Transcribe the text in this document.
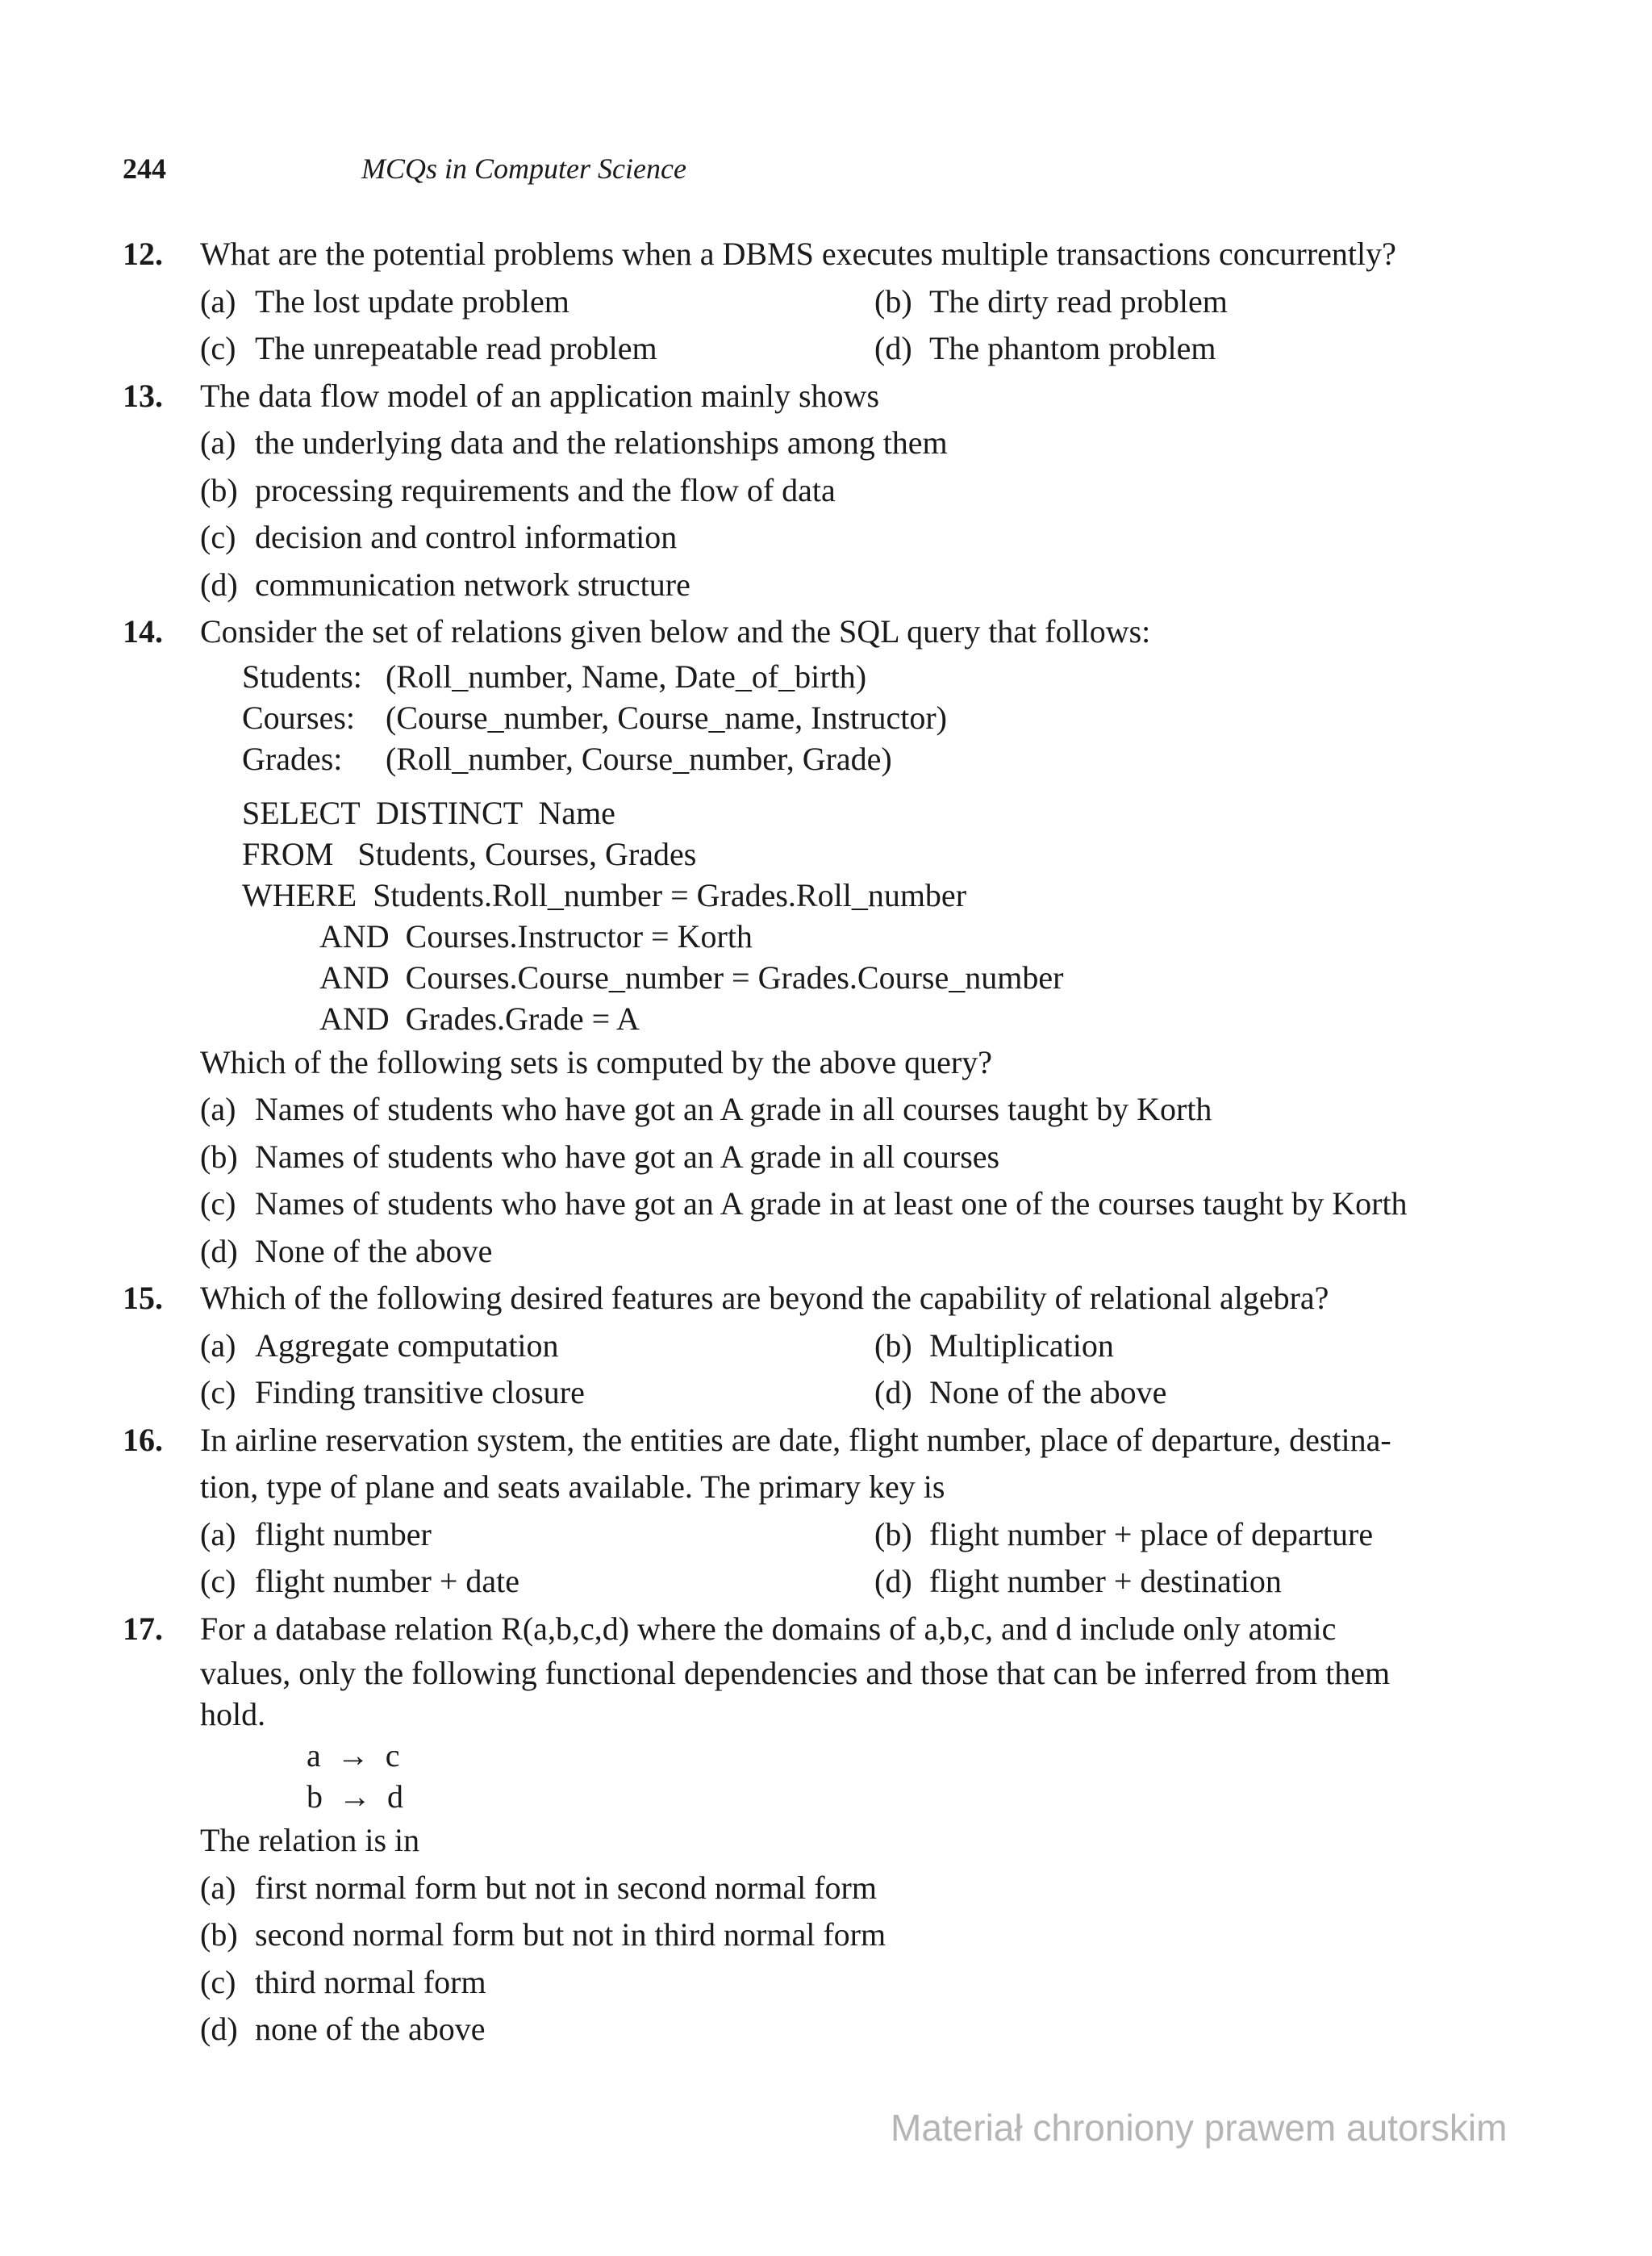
244	MCQs in Computer Science
12. What are the potential problems when a DBMS executes multiple transactions concurrently?
(a) The lost update problem	(b) The dirty read problem
(c) The unrepeatable read problem	(d) The phantom problem
13. The data flow model of an application mainly shows
(a) the underlying data and the relationships among them
(b) processing requirements and the flow of data
(c) decision and control information
(d) communication network structure
14. Consider the set of relations given below and the SQL query that follows:
Students: (Roll_number, Name, Date_of_birth)
Courses: (Course_number, Course_name, Instructor)
Grades: (Roll_number, Course_number, Grade)
SELECT  DISTINCT  Name
FROM   Students, Courses, Grades
WHERE  Students.Roll_number = Grades.Roll_number
AND  Courses.Instructor = Korth
AND  Courses.Course_number = Grades.Course_number
AND  Grades.Grade = A
Which of the following sets is computed by the above query?
(a) Names of students who have got an A grade in all courses taught by Korth
(b) Names of students who have got an A grade in all courses
(c) Names of students who have got an A grade in at least one of the courses taught by Korth
(d) None of the above
15. Which of the following desired features are beyond the capability of relational algebra?
(a) Aggregate computation	(b) Multiplication
(c) Finding transitive closure	(d) None of the above
16. In airline reservation system, the entities are date, flight number, place of departure, destina-
tion, type of plane and seats available. The primary key is
(a) flight number	(b) flight number + place of departure
(c) flight number + date	(d) flight number + destination
17. For a database relation R(a,b,c,d) where the domains of a,b,c, and d include only atomic
values, only the following functional dependencies and those that can be inferred from them
hold.
a  →  c
b  →  d
The relation is in
(a) first normal form but not in second normal form
(b) second normal form but not in third normal form
(c) third normal form
(d) none of the above
Materiał chroniony prawem autorskim
